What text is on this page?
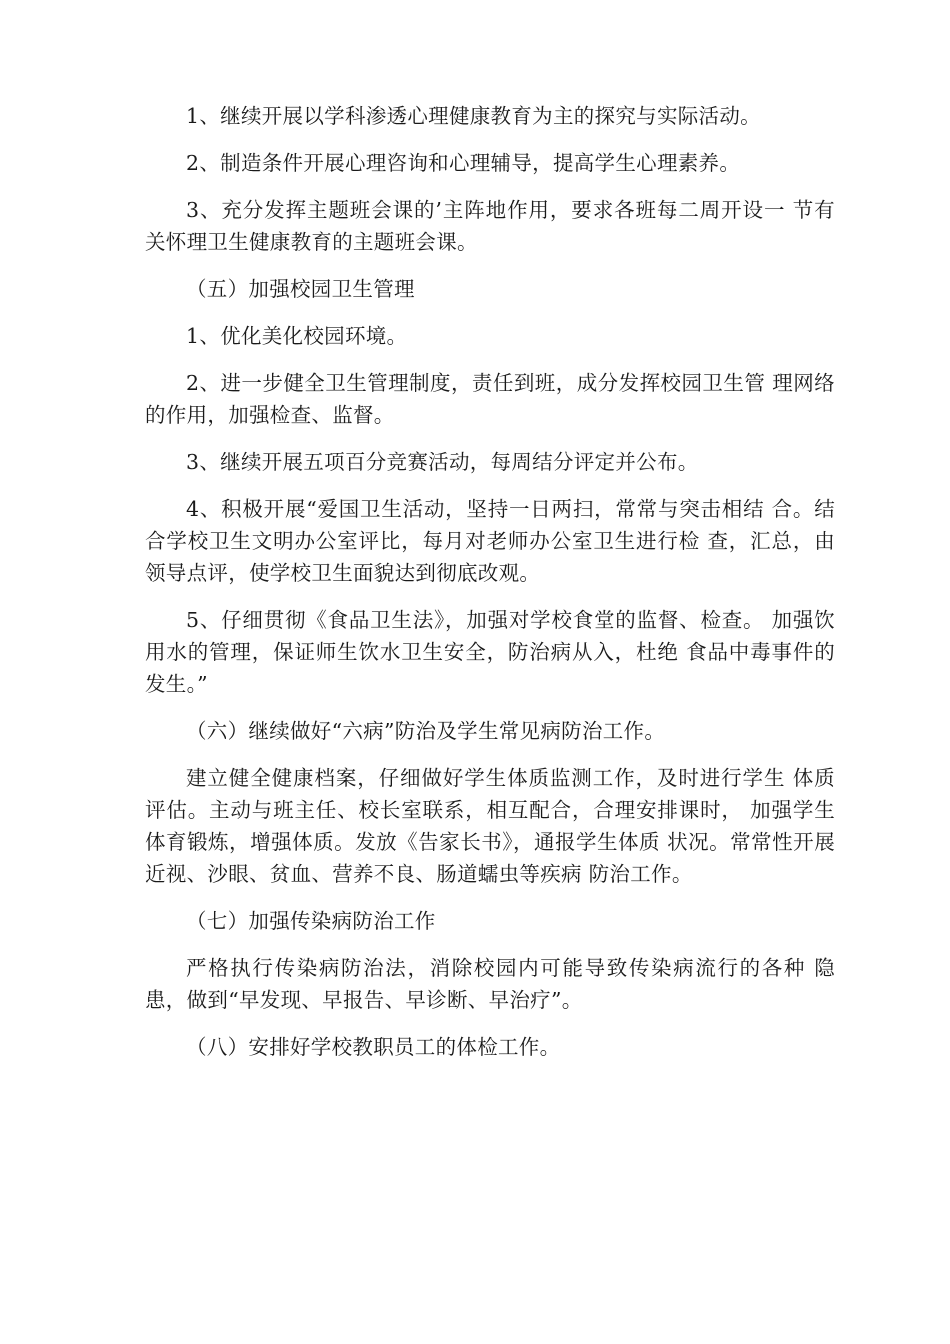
1、继续开展以学科渗透心理健康教育为主的探究与实际活动。

2、制造条件开展心理咨询和心理辅导，提高学生心理素养。

3、充分发挥主题班会课的’主阵地作用，要求各班每二周开设一 节有关怀理卫生健康教育的主题班会课。

（五）加强校园卫生管理

1、优化美化校园环境。

2、进一步健全卫生管理制度，责任到班，成分发挥校园卫生管 理网络的作用，加强检查、监督。

3、继续开展五项百分竞赛活动，每周结分评定并公布。

4、积极开展“爱国卫生活动，坚持一日两扫，常常与突击相结 合。结合学校卫生文明办公室评比，每月对老师办公室卫生进行检 查，汇总，由领导点评，使学校卫生面貌达到彻底改观。

5、仔细贯彻《食品卫生法》，加强对学校食堂的监督、检查。 加强饮用水的管理，保证师生饮水卫生安全，防治病从入，杜绝 食品中毒事件的发生。”

（六）继续做好“六病”防治及学生常见病防治工作。

建立健全健康档案，仔细做好学生体质监测工作，及时进行学生 体质评估。主动与班主任、校长室联系，相互配合，合理安排课时， 加强学生体育锻炼，增强体质。发放《告家长书》，通报学生体质 状况。常常性开展近视、沙眼、贫血、营养不良、肠道蠕虫等疾病 防治工作。

（七）加强传染病防治工作

严格执行传染病防治法，消除校园内可能导致传染病流行的各种 隐患，做到“早发现、早报告、早诊断、早治疗”。

（八）安排好学校教职员工的体检工作。
